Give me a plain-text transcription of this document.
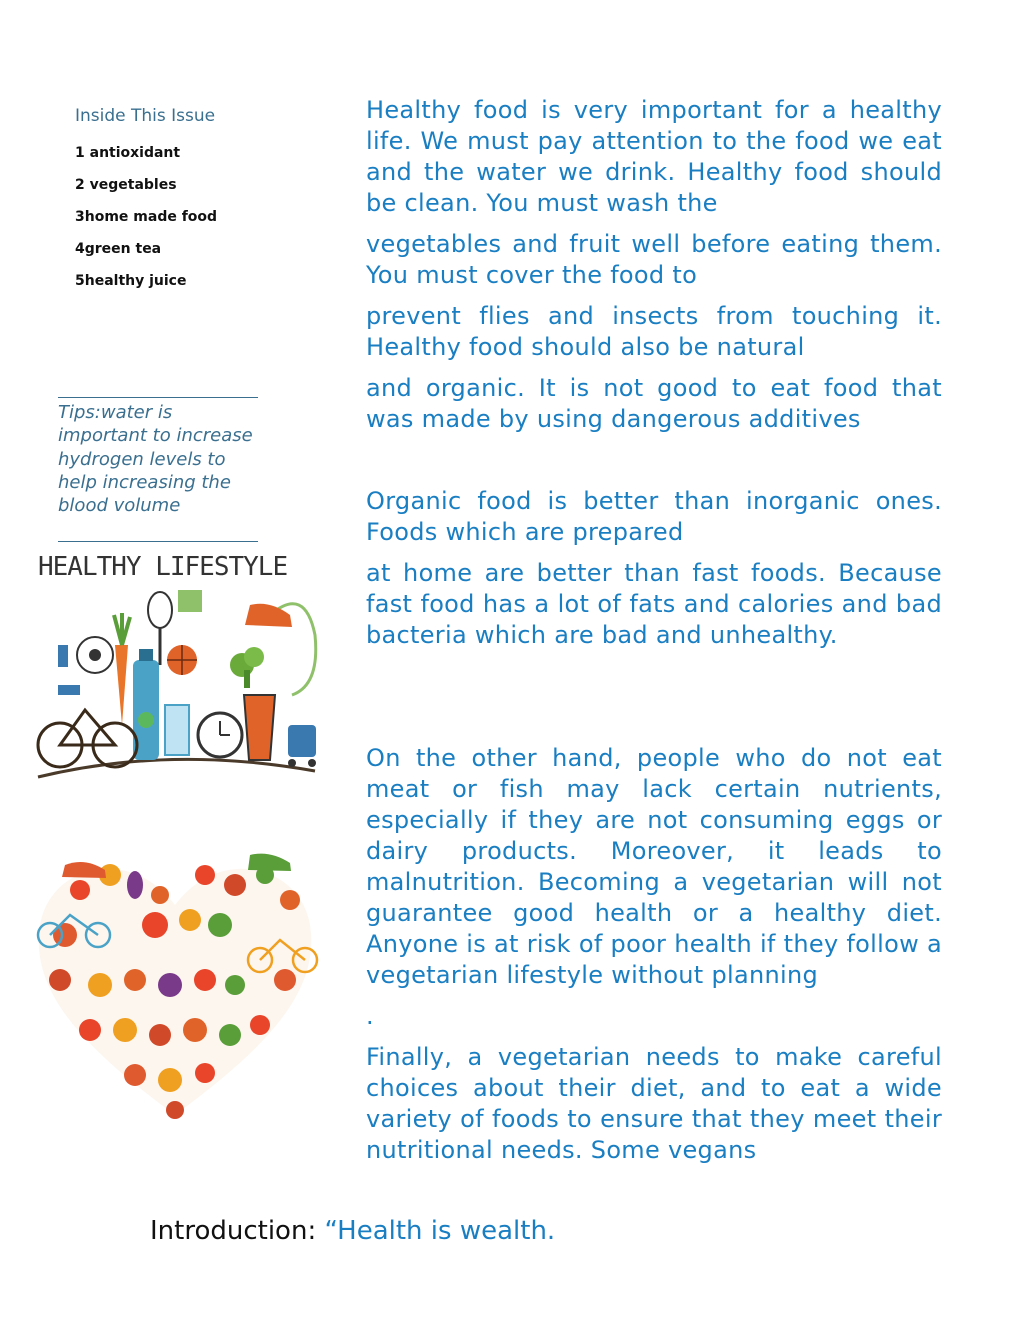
Inside This Issue
1 antioxidant
2 vegetables
3home made food
4green tea
5healthy juice
Tips:water is important to increase hydrogen levels to help increasing the blood volume
HEALTHY LIFESTYLE

Healthy food is very important for a healthy life. We must pay attention to the food we eat and the water we drink. Healthy food should be clean. You must wash the

vegetables and fruit well before eating them. You must cover the food to

prevent flies and insects from touching it. Healthy food should also be natural

and organic. It is not good to eat food that was made by using dangerous additives

Organic food is better than inorganic ones. Foods which are prepared

at home are better than fast foods. Because fast food has a lot of fats and calories and bad bacteria which are bad and unhealthy.

On the other hand, people who do not eat meat or fish may lack certain nutrients, especially if they are not consuming eggs or dairy products. Moreover, it leads to malnutrition. Becoming a vegetarian will not guarantee good health or a healthy diet. Anyone is at risk of poor health if they follow a vegetarian lifestyle without planning

.

Finally, a vegetarian needs to make careful choices about their diet, and to eat a wide variety of foods to ensure that they meet their nutritional needs. Some vegans

Introduction: “Health is wealth.
